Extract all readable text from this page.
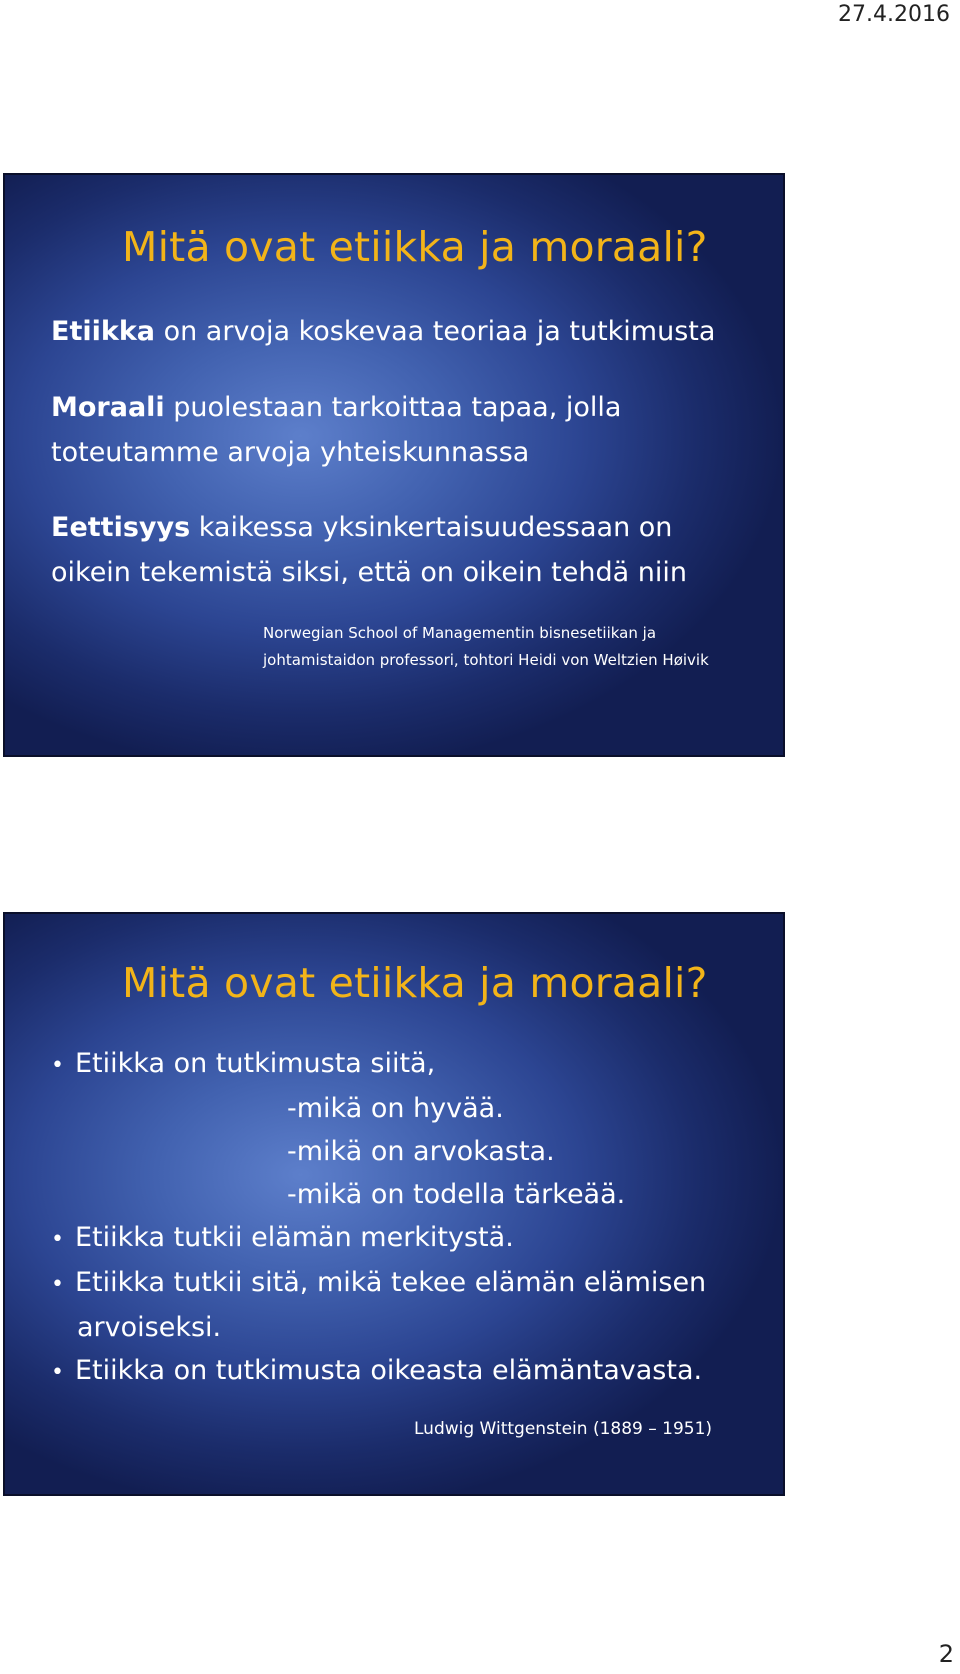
27.4.2016
Mitä ovat etiikka ja moraali?

Etiikka on arvoja koskevaa teoriaa ja tutkimusta

Moraali puolestaan tarkoittaa tapaa, jolla
toteutamme arvoja yhteiskunnassa

Eettisyys kaikessa yksinkertaisuudessaan on
oikein tekemistä siksi, että on oikein tehdä niin

Norwegian School of Managementin bisnesetiikan ja
johtamistaidon professori, tohtori Heidi von Weltzien Høivik

Mitä ovat etiikka ja moraali?
• Etiikka on tutkimusta siitä,
-mikä on hyvää.
-mikä on arvokasta.
-mikä on todella tärkeää.
• Etiikka tutkii elämän merkitystä.
• Etiikka tutkii sitä, mikä tekee elämän elämisen
arvoiseksi.
• Etiikka on tutkimusta oikeasta elämäntavasta.

Ludwig Wittgenstein (1889 – 1951)

2
